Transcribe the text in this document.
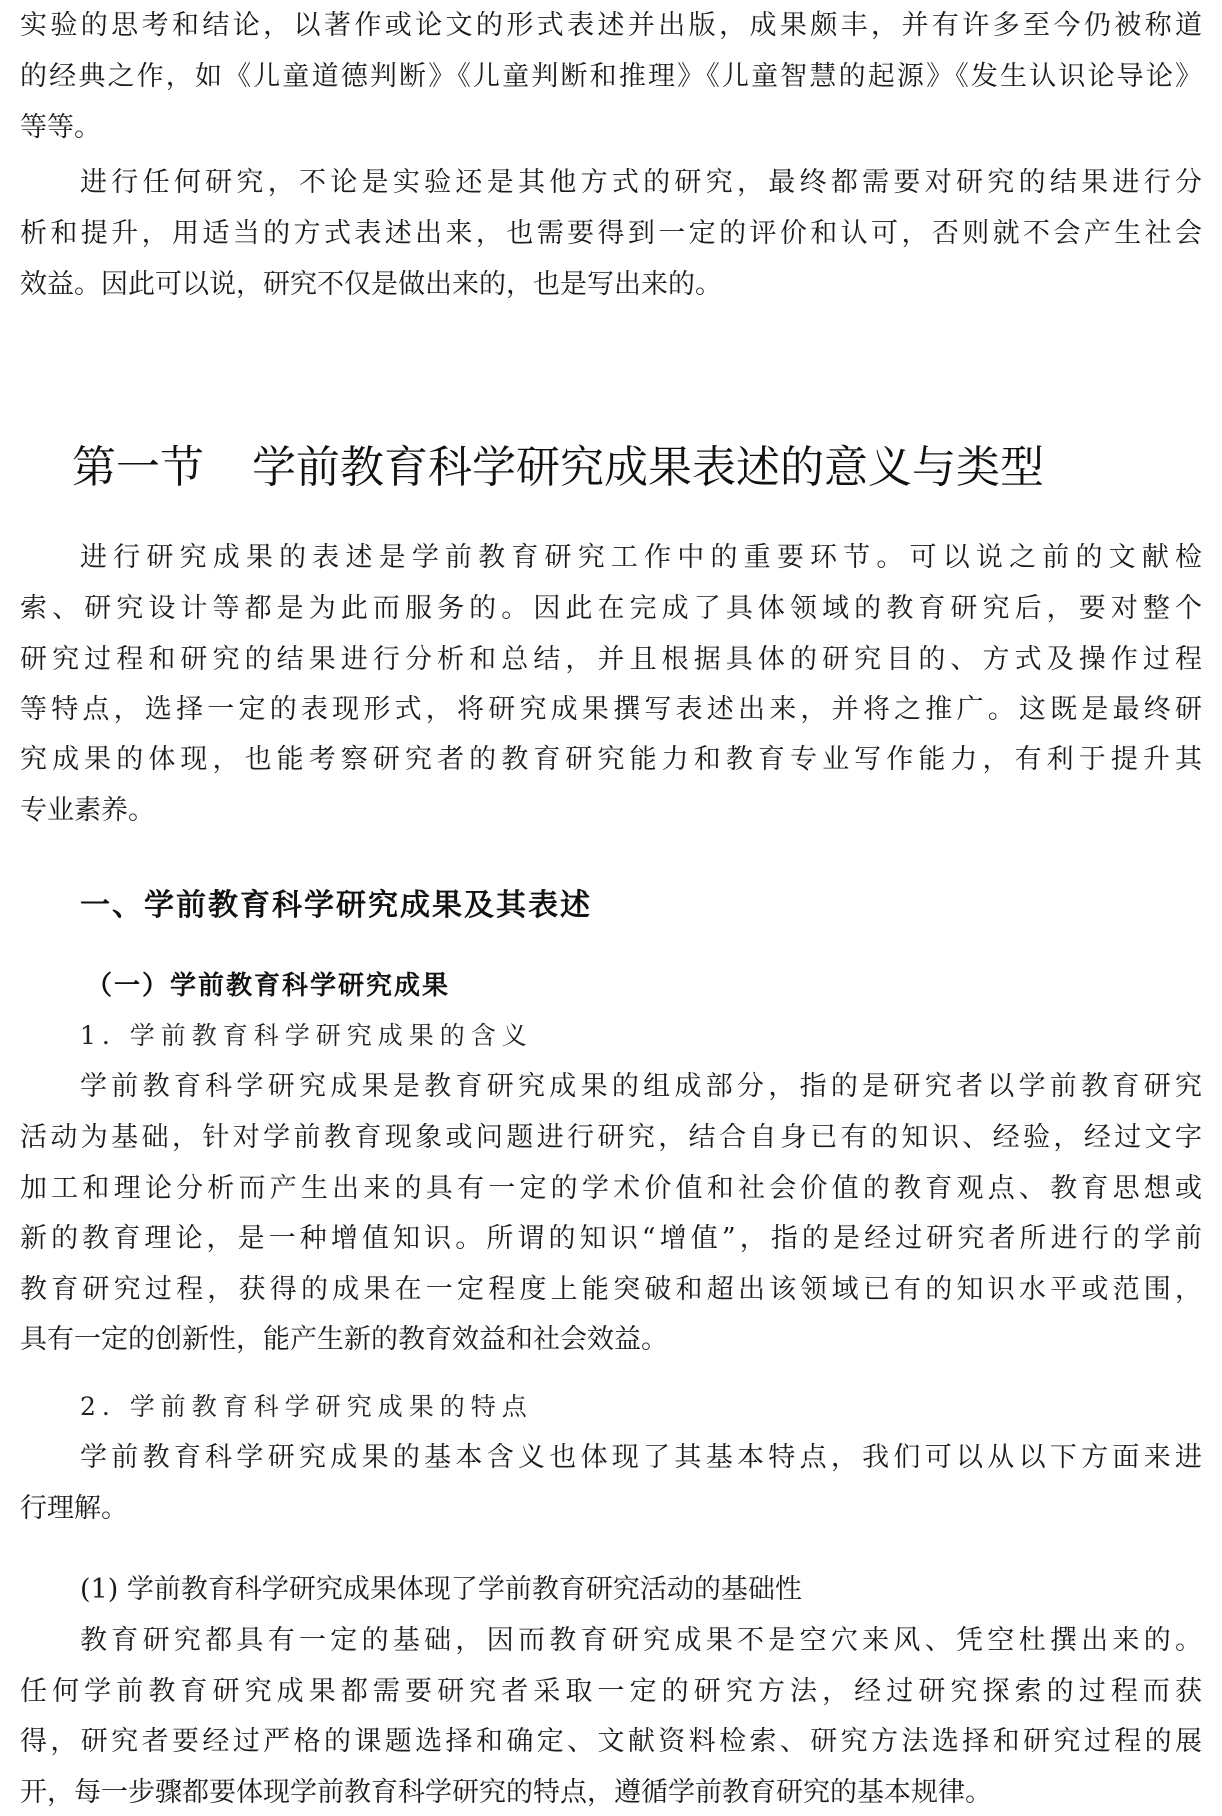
实验的思考和结论，以著作或论文的形式表述并出版，成果颇丰，并有许多至今仍被称道
的经典之作，如《儿童道德判断》《儿童判断和推理》《儿童智慧的起源》《发生认识论导论》
等等。
进行任何研究，不论是实验还是其他方式的研究，最终都需要对研究的结果进行分
析和提升，用适当的方式表述出来，也需要得到一定的评价和认可，否则就不会产生社会
效益。因此可以说，研究不仅是做出来的，也是写出来的。
第一节 学前教育科学研究成果表述的意义与类型
进行研究成果的表述是学前教育研究工作中的重要环节。可以说之前的文献检
索、研究设计等都是为此而服务的。因此在完成了具体领域的教育研究后，要对整个
研究过程和研究的结果进行分析和总结，并且根据具体的研究目的、方式及操作过程
等特点，选择一定的表现形式，将研究成果撰写表述出来，并将之推广。这既是最终研
究成果的体现，也能考察研究者的教育研究能力和教育专业写作能力，有利于提升其
专业素养。
一、学前教育科学研究成果及其表述
（一）学前教育科学研究成果
1. 学前教育科学研究成果的含义
学前教育科学研究成果是教育研究成果的组成部分，指的是研究者以学前教育研究
活动为基础，针对学前教育现象或问题进行研究，结合自身已有的知识、经验，经过文字
加工和理论分析而产生出来的具有一定的学术价值和社会价值的教育观点、教育思想或
新的教育理论，是一种增值知识。所谓的知识“增值”，指的是经过研究者所进行的学前
教育研究过程，获得的成果在一定程度上能突破和超出该领域已有的知识水平或范围，
具有一定的创新性，能产生新的教育效益和社会效益。
2. 学前教育科学研究成果的特点
学前教育科学研究成果的基本含义也体现了其基本特点，我们可以从以下方面来进
行理解。
(1) 学前教育科学研究成果体现了学前教育研究活动的基础性
教育研究都具有一定的基础，因而教育研究成果不是空穴来风、凭空杜撰出来的。
任何学前教育研究成果都需要研究者采取一定的研究方法，经过研究探索的过程而获
得，研究者要经过严格的课题选择和确定、文献资料检索、研究方法选择和研究过程的展
开，每一步骤都要体现学前教育科学研究的特点，遵循学前教育研究的基本规律。
